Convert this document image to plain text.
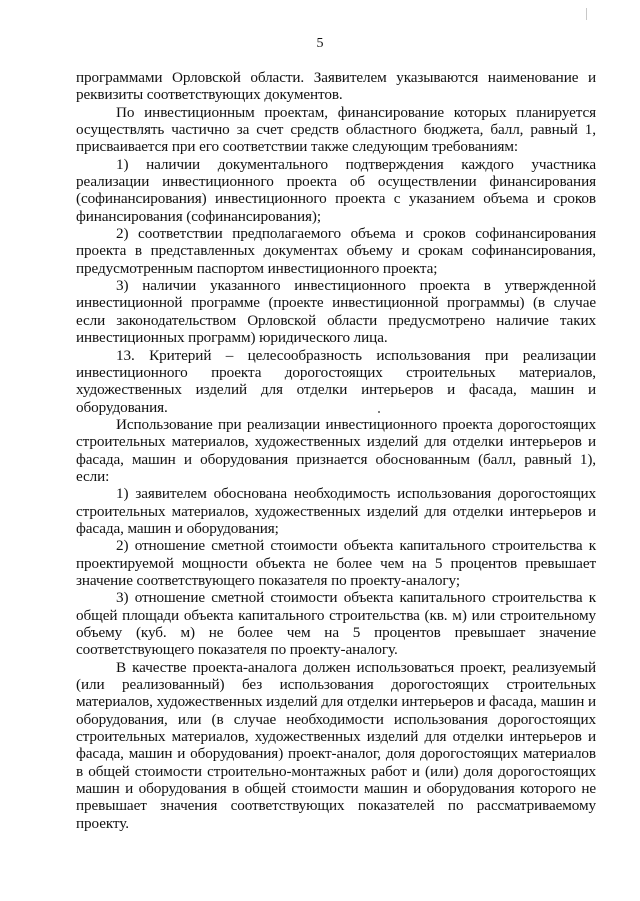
5

программами Орловской области. Заявителем указываются наименование и реквизиты соответствующих документов.

По инвестиционным проектам, финансирование которых планируется осуществлять частично за счет средств областного бюджета, балл, равный 1, присваивается при его соответствии также следующим требованиям:

1) наличии документального подтверждения каждого участника реализации инвестиционного проекта об осуществлении финансирования (софинансирования) инвестиционного проекта с указанием объема и сроков финансирования (софинансирования);

2) соответствии предполагаемого объема и сроков софинансирования проекта в представленных документах объему и срокам софинансирования, предусмотренным паспортом инвестиционного проекта;

3) наличии указанного инвестиционного проекта в утвержденной инвестиционной программе (проекте инвестиционной программы) (в случае если законодательством Орловской области предусмотрено наличие таких инвестиционных программ) юридического лица.

13. Критерий – целесообразность использования при реализации инвестиционного проекта дорогостоящих строительных материалов, художественных изделий для отделки интерьеров и фасада, машин и оборудования.

Использование при реализации инвестиционного проекта дорогостоящих строительных материалов, художественных изделий для отделки интерьеров и фасада, машин и оборудования признается обоснованным (балл, равный 1), если:

1) заявителем обоснована необходимость использования дорогостоящих строительных материалов, художественных изделий для отделки интерьеров и фасада, машин и оборудования;

2) отношение сметной стоимости объекта капитального строительства к проектируемой мощности объекта не более чем на 5 процентов превышает значение соответствующего показателя по проекту-аналогу;

3) отношение сметной стоимости объекта капитального строительства к общей площади объекта капитального строительства (кв. м) или строительному объему (куб. м) не более чем на 5 процентов превышает значение соответствующего показателя по проекту-аналогу.

В качестве проекта-аналога должен использоваться проект, реализуемый (или реализованный) без использования дорогостоящих строительных материалов, художественных изделий для отделки интерьеров и фасада, машин и оборудования, или (в случае необходимости использования дорогостоящих строительных материалов, художественных изделий для отделки интерьеров и фасада, машин и оборудования) проект-аналог, доля дорогостоящих материалов в общей стоимости строительно-монтажных работ и (или) доля дорогостоящих машин и оборудования в общей стоимости машин и оборудования которого не превышает значения соответствующих показателей по рассматриваемому проекту.
